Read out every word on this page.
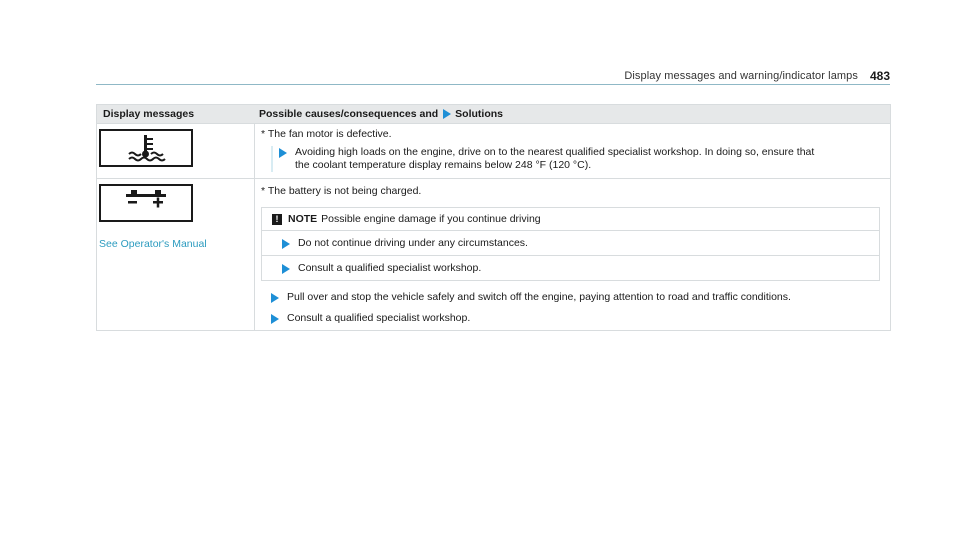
Display messages and warning/indicator lamps 483
Display messages	Possible causes/consequences and Solutions
* The fan motor is defective.
Avoiding high loads on the engine, drive on to the nearest qualified specialist workshop. In doing so, ensure that
the coolant temperature display remains below 248 °F (120 °C).
See Operator's Manual
* The battery is not being charged.
! NOTE Possible engine damage if you continue driving
Do not continue driving under any circumstances.
Consult a qualified specialist workshop.
Pull over and stop the vehicle safely and switch off the engine, paying attention to road and traffic conditions.
Consult a qualified specialist workshop.
